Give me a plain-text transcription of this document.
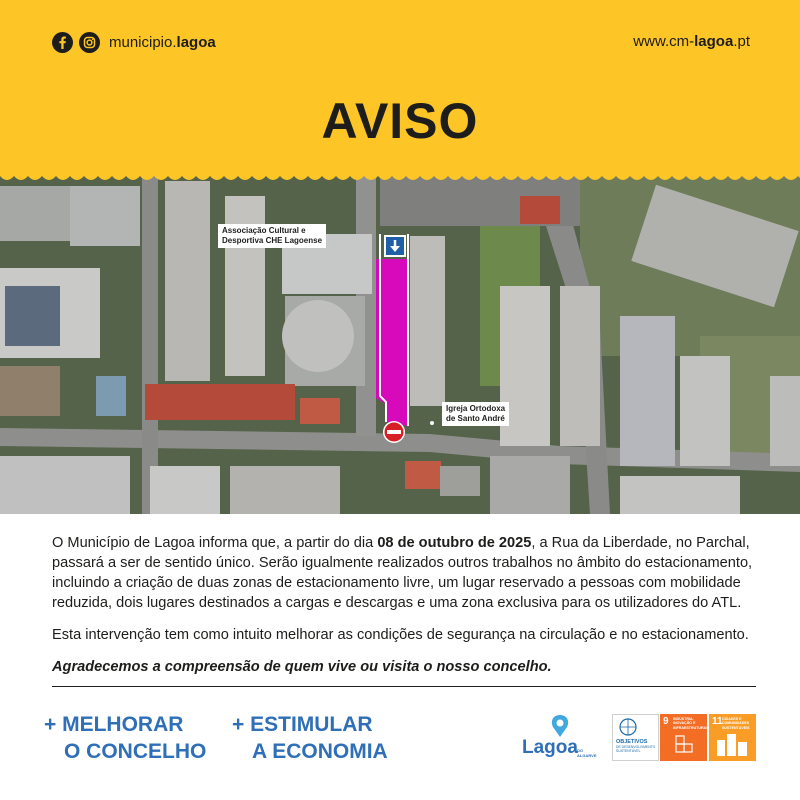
municipio.lagoa	www.cm-lagoa.pt
AVISO
Associação Cultural e
Desportiva CHE Lagoense
Igreja Ortodoxa
de Santo André

O Município de Lagoa informa que, a partir do dia 08 de outubro de 2025, a Rua da Liberdade, no Parchal, passará a ser de sentido único. Serão igualmente realizados outros trabalhos no âmbito do estacionamento, incluindo a criação de duas zonas de estacionamento livre, um lugar reservado a pessoas com mobilidade reduzida, dois lugares destinados a cargas e descargas e uma zona exclusiva para os utilizadores do ATL.

Esta intervenção tem como intuito melhorar as condições de segurança na circulação e no estacionamento.

Agradecemos a compreensão de quem vive ou visita o nosso concelho.

+ MELHORAR
O CONCELHO
+ ESTIMULAR
A ECONOMIA	Lagoa DO
ALGARVE
OBJETIVOS
DE DESENVOLVIMENTO SUSTENTÁVEL
9 INDÚSTRIA, INOVAÇÃO E INFRAESTRUTURAS
11 CIDADES E COMUNIDADES SUSTENTÁVEIS
